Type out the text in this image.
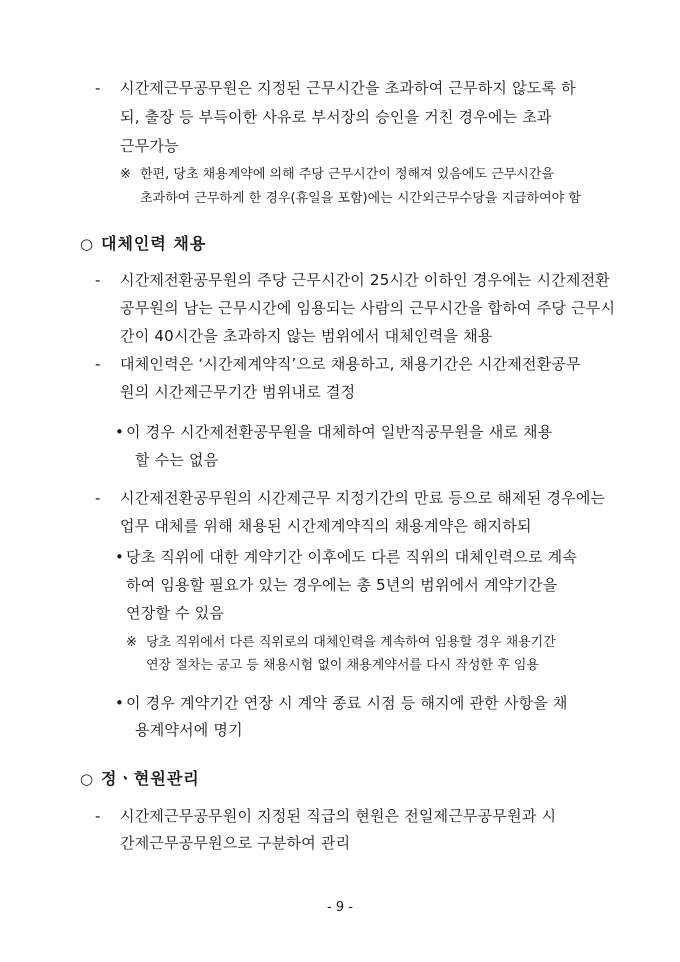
- 시간제근무공무원은 지정된 근무시간을 초과하여 근무하지 않도록 하
되, 출장 등 부득이한 사유로 부서장의 승인을 거친 경우에는 초과
근무가능
※ 한편, 당초 채용계약에 의해 주당 근무시간이 정해져 있음에도 근무시간을
초과하여 근무하게 한 경우(휴일을 포함)에는 시간외근무수당을 지급하여야 함
○ 대체인력 채용
- 시간제전환공무원의 주당 근무시간이 25시간 이하인 경우에는 시간제전환
공무원의 남는 근무시간에 임용되는 사람의 근무시간을 합하여 주당 근무시
간이 40시간을 초과하지 않는 범위에서 대체인력을 채용
- 대체인력은 ‘시간제계약직’으로 채용하고, 채용기간은 시간제전환공무
원의 시간제근무기간 범위내로 결정
• 이 경우 시간제전환공무원을 대체하여 일반직공무원을 새로 채용
할 수는 없음
- 시간제전환공무원의 시간제근무 지정기간의 만료 등으로 해제된 경우에는
업무 대체를 위해 채용된 시간제계약직의 채용계약은 해지하되
• 당초 직위에 대한 계약기간 이후에도 다른 직위의 대체인력으로 계속
하여 임용할 필요가 있는 경우에는 총 5년의 범위에서 계약기간을
연장할 수 있음
※ 당초 직위에서 다른 직위로의 대체인력을 계속하여 임용할 경우 채용기간
연장 절차는 공고 등 채용시험 없이 채용계약서를 다시 작성한 후 임용
• 이 경우 계약기간 연장 시 계약 종료 시점 등 해지에 관한 사항을 채
용계약서에 명기
○ 정ㆍ현원관리
- 시간제근무공무원이 지정된 직급의 현원은 전일제근무공무원과 시
간제근무공무원으로 구분하여 관리
- 9 -
